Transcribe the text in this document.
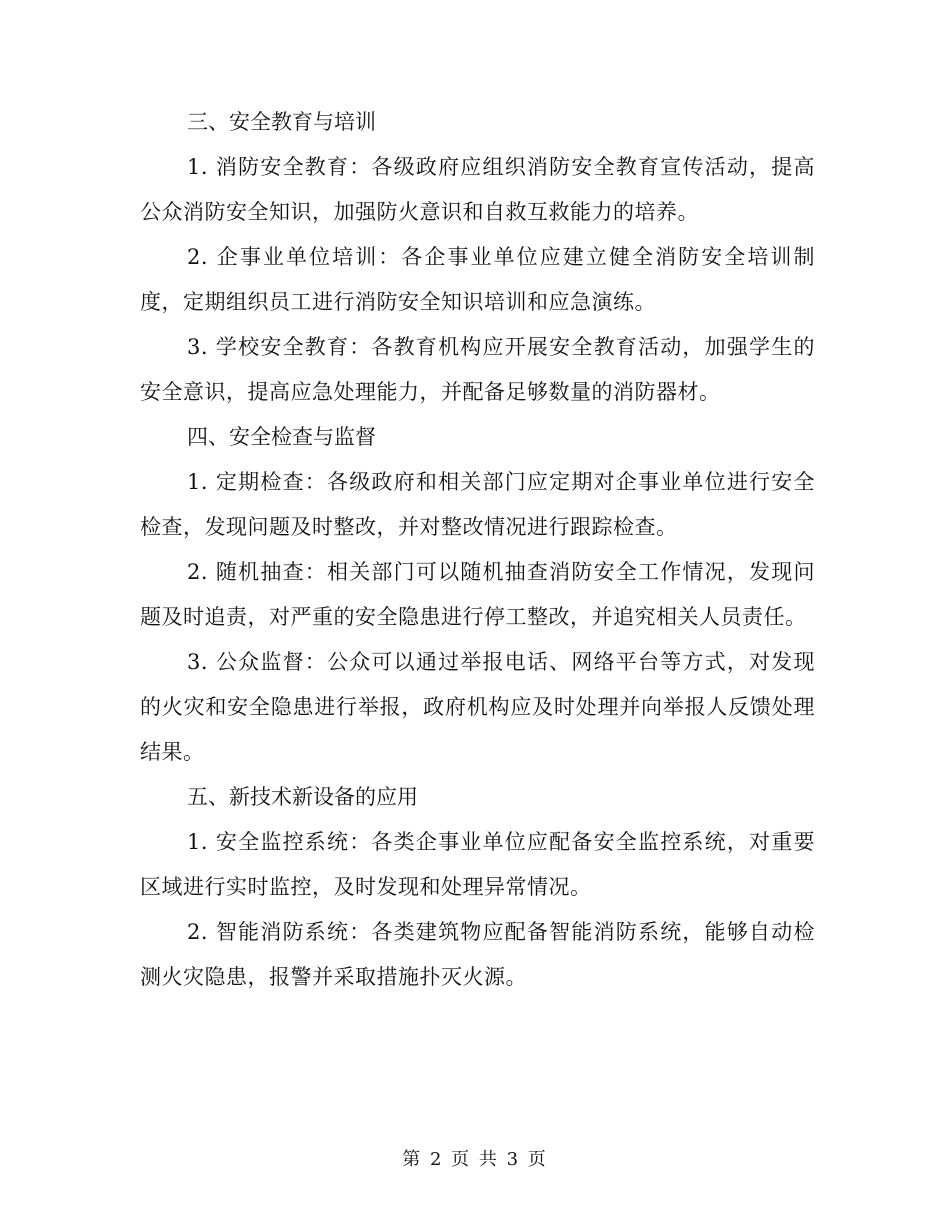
三、安全教育与培训

1. 消防安全教育：各级政府应组织消防安全教育宣传活动，提高公众消防安全知识，加强防火意识和自救互救能力的培养。

2. 企事业单位培训：各企事业单位应建立健全消防安全培训制度，定期组织员工进行消防安全知识培训和应急演练。

3. 学校安全教育：各教育机构应开展安全教育活动，加强学生的安全意识，提高应急处理能力，并配备足够数量的消防器材。

四、安全检查与监督

1. 定期检查：各级政府和相关部门应定期对企事业单位进行安全检查，发现问题及时整改，并对整改情况进行跟踪检查。

2. 随机抽查：相关部门可以随机抽查消防安全工作情况，发现问题及时追责，对严重的安全隐患进行停工整改，并追究相关人员责任。

3. 公众监督：公众可以通过举报电话、网络平台等方式，对发现的火灾和安全隐患进行举报，政府机构应及时处理并向举报人反馈处理结果。

五、新技术新设备的应用

1. 安全监控系统：各类企事业单位应配备安全监控系统，对重要区域进行实时监控，及时发现和处理异常情况。

2. 智能消防系统：各类建筑物应配备智能消防系统，能够自动检测火灾隐患，报警并采取措施扑灭火源。

第 2 页 共 3 页
